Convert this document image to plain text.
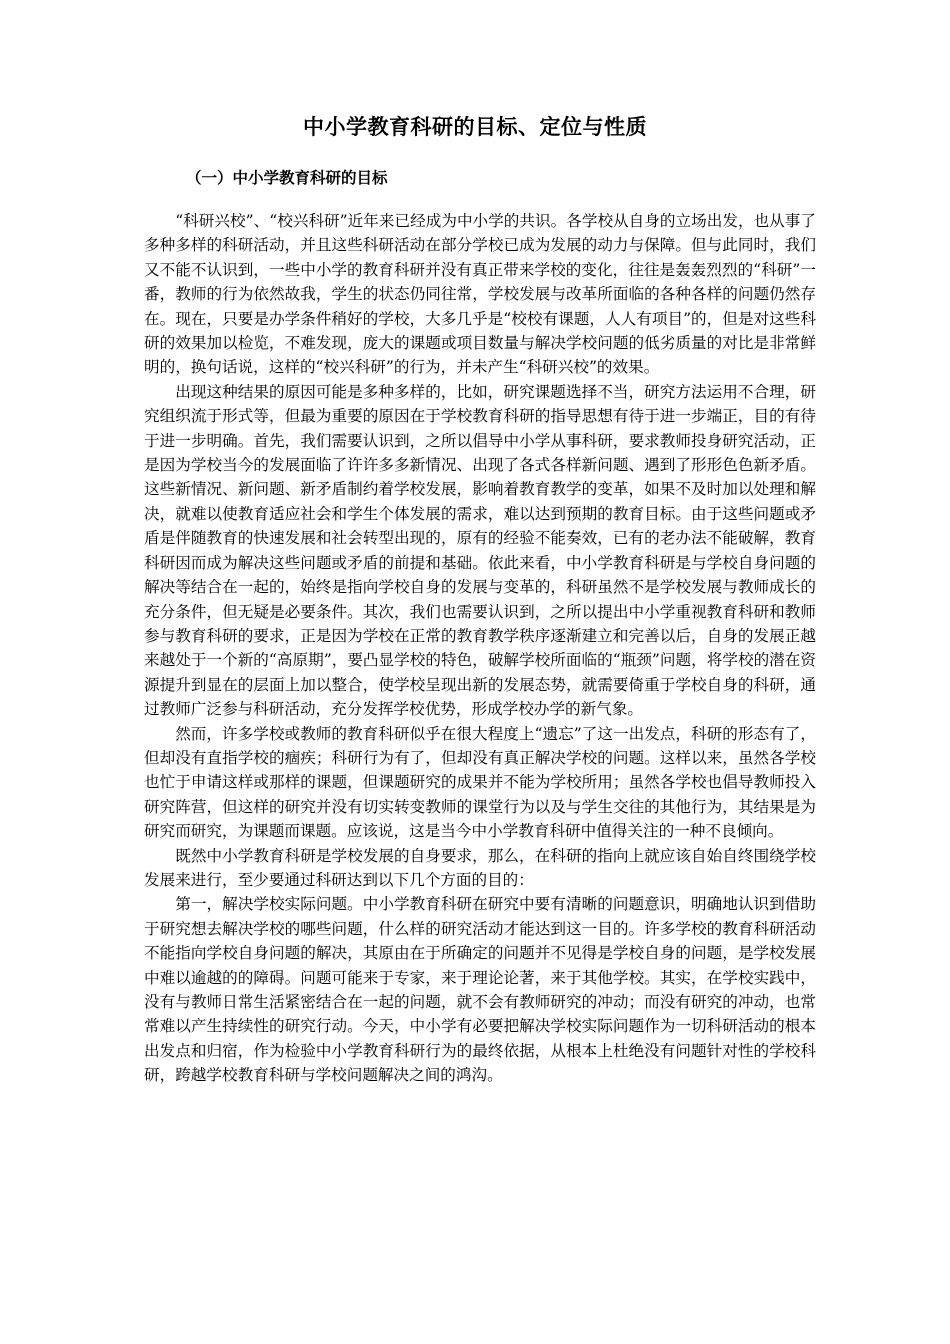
中小学教育科研的目标、定位与性质
（一）中小学教育科研的目标

“科研兴校”、“校兴科研”近年来已经成为中小学的共识。各学校从自身的立场出发，也从事了多种多样的科研活动，并且这些科研活动在部分学校已成为发展的动力与保障。但与此同时，我们又不能不认识到，一些中小学的教育科研并没有真正带来学校的变化，往往是轰轰烈烈的“科研”一番，教师的行为依然故我，学生的状态仍同往常，学校发展与改革所面临的各种各样的问题仍然存在。现在，只要是办学条件稍好的学校，大多几乎是“校校有课题，人人有项目”的，但是对这些科研的效果加以检览，不难发现，庞大的课题或项目数量与解决学校问题的低劣质量的对比是非常鲜明的，换句话说，这样的“校兴科研”的行为，并未产生“科研兴校”的效果。

出现这种结果的原因可能是多种多样的，比如，研究课题选择不当，研究方法运用不合理，研究组织流于形式等，但最为重要的原因在于学校教育科研的指导思想有待于进一步端正，目的有待于进一步明确。首先，我们需要认识到，之所以倡导中小学从事科研，要求教师投身研究活动，正是因为学校当今的发展面临了许许多多新情况、出现了各式各样新问题、遇到了形形色色新矛盾。这些新情况、新问题、新矛盾制约着学校发展，影响着教育教学的变革，如果不及时加以处理和解决，就难以使教育适应社会和学生个体发展的需求，难以达到预期的教育目标。由于这些问题或矛盾是伴随教育的快速发展和社会转型出现的，原有的经验不能奏效，已有的老办法不能破解，教育科研因而成为解决这些问题或矛盾的前提和基础。依此来看，中小学教育科研是与学校自身问题的解决等结合在一起的，始终是指向学校自身的发展与变革的，科研虽然不是学校发展与教师成长的充分条件，但无疑是必要条件。其次，我们也需要认识到，之所以提出中小学重视教育科研和教师参与教育科研的要求，正是因为学校在正常的教育教学秩序逐渐建立和完善以后，自身的发展正越来越处于一个新的“高原期”，要凸显学校的特色，破解学校所面临的“瓶颈”问题，将学校的潜在资源提升到显在的层面上加以整合，使学校呈现出新的发展态势，就需要倚重于学校自身的科研，通过教师广泛参与科研活动，充分发挥学校优势，形成学校办学的新气象。

然而，许多学校或教师的教育科研似乎在很大程度上“遗忘”了这一出发点，科研的形态有了，但却没有直指学校的痼疾；科研行为有了，但却没有真正解决学校的问题。这样以来，虽然各学校也忙于申请这样或那样的课题，但课题研究的成果并不能为学校所用；虽然各学校也倡导教师投入研究阵营，但这样的研究并没有切实转变教师的课堂行为以及与学生交往的其他行为，其结果是为研究而研究，为课题而课题。应该说，这是当今中小学教育科研中值得关注的一种不良倾向。

既然中小学教育科研是学校发展的自身要求，那么，在科研的指向上就应该自始自终围绕学校发展来进行，至少要通过科研达到以下几个方面的目的：

第一，解决学校实际问题。中小学教育科研在研究中要有清晰的问题意识，明确地认识到借助于研究想去解决学校的哪些问题，什么样的研究活动才能达到这一目的。许多学校的教育科研活动不能指向学校自身问题的解决，其原由在于所确定的问题并不见得是学校自身的问题，是学校发展中难以逾越的的障碍。问题可能来于专家，来于理论论著，来于其他学校。其实，在学校实践中，没有与教师日常生活紧密结合在一起的问题，就不会有教师研究的冲动；而没有研究的冲动，也常常难以产生持续性的研究行动。今天，中小学有必要把解决学校实际问题作为一切科研活动的根本出发点和归宿，作为检验中小学教育科研行为的最终依据，从根本上杜绝没有问题针对性的学校科研，跨越学校教育科研与学校问题解决之间的鸿沟。
